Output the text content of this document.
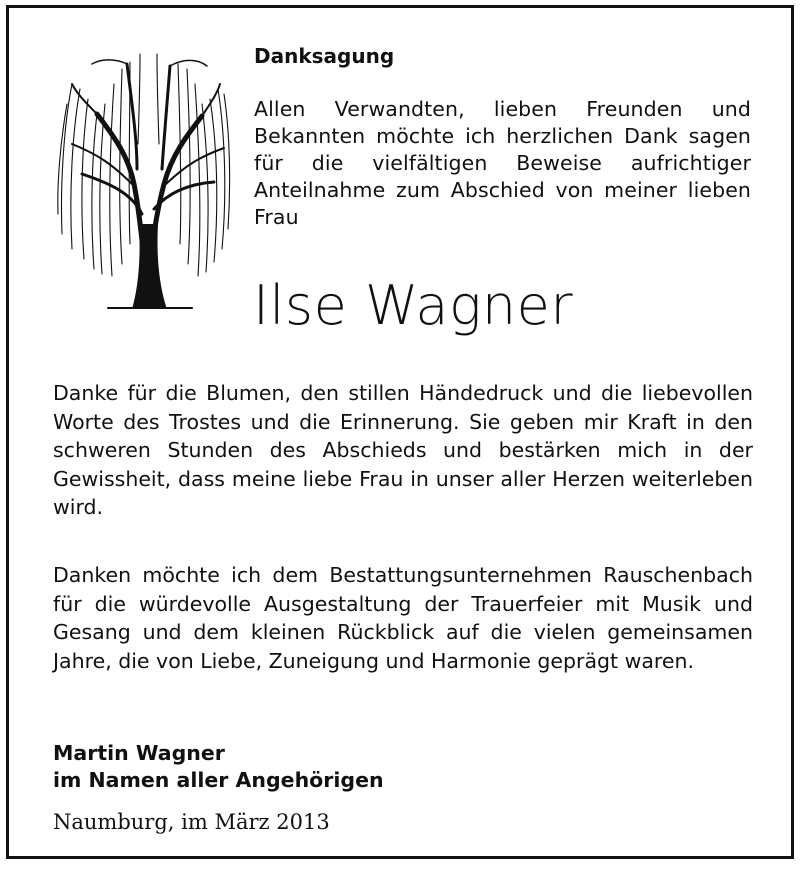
Danksagung
Allen Verwandten, lieben Freunden und Bekannten möchte ich herzlichen Dank sagen für die vielfältigen Beweise aufrichtiger Anteilnahme zum Abschied von meiner lieben Frau
Ilse Wagner
Danke für die Blumen, den stillen Händedruck und die liebevollen Worte des Trostes und die Erinnerung. Sie geben mir Kraft in den schweren Stunden des Abschieds und bestärken mich in der Gewissheit, dass meine liebe Frau in unser aller Herzen weiterleben wird.
Danken möchte ich dem Bestattungsunternehmen Rauschenbach für die würdevolle Ausgestaltung der Trauerfeier mit Musik und Gesang und dem kleinen Rückblick auf die vielen gemeinsamen Jahre, die von Liebe, Zuneigung und Harmonie geprägt waren.
Martin Wagner
im Namen aller Angehörigen
Naumburg, im März 2013
